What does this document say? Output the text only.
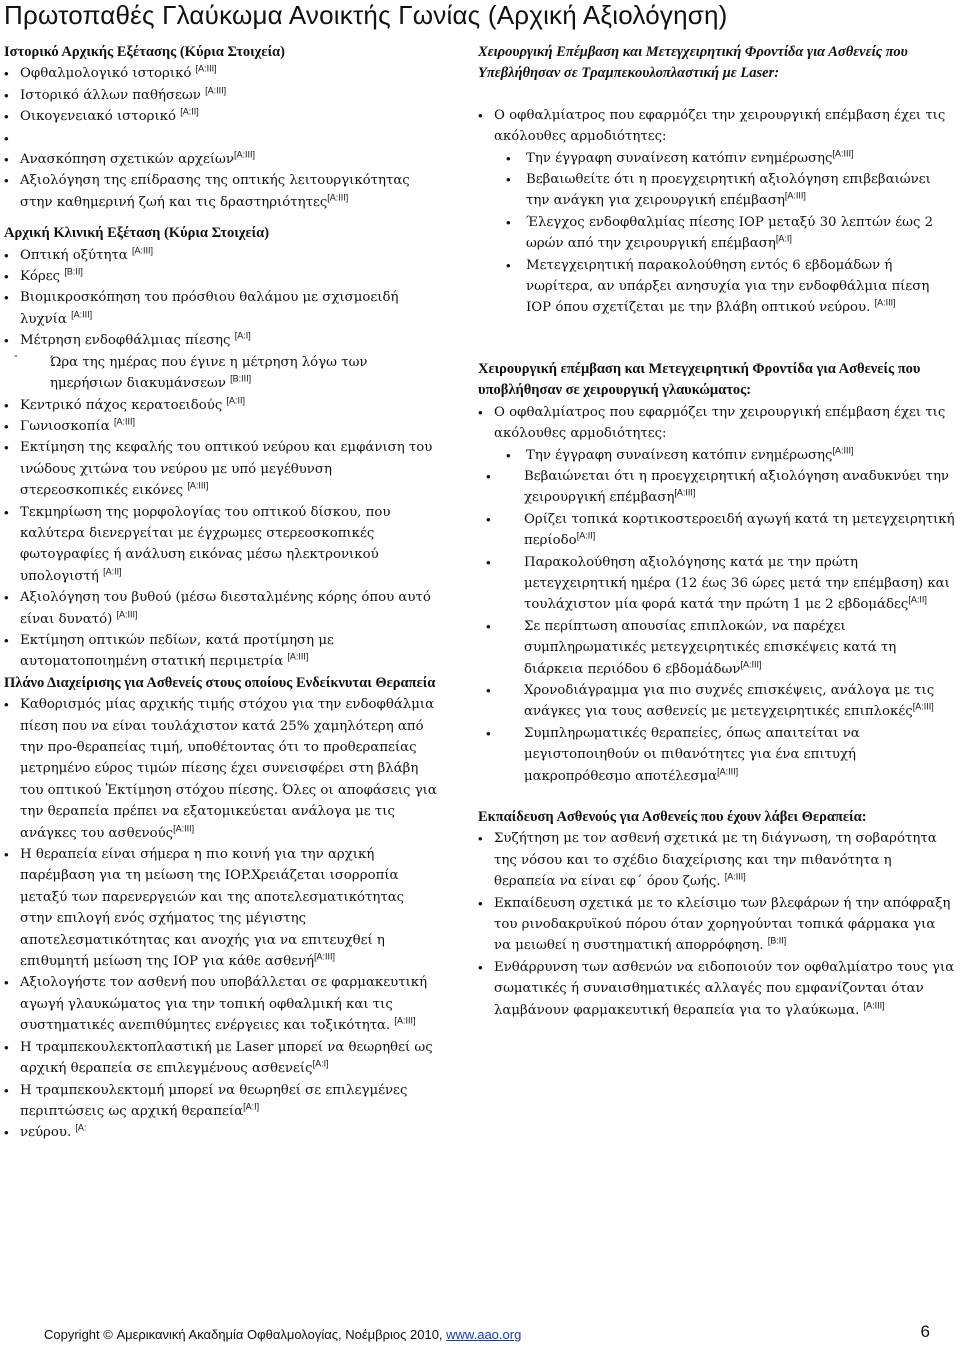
Πρωτοπαθές Γλαύκωμα Ανοικτής Γωνίας (Αρχική Αξιολόγηση)

Ιστορικό Αρχικής Εξέτασης (Κύρια Στοιχεία)

• Οφθαλμολογικό ιστορικό [A:III]
• Ιστορικό άλλων παθήσεων [A:III]
• Οικογενειακό ιστορικό [A:II]
•
• Ανασκόπηση σχετικών αρχείων[A:III]
• Αξιολόγηση της επίδρασης της οπτικής λειτουργικότητας στην καθημερινή ζωή και τις δραστηριότητες[A:III]

Αρχική Κλινική Εξέταση (Κύρια Στοιχεία)

• Οπτική οξύτητα [A:III]
• Κόρες [B:II]
• Βιομικροσκόπηση του πρόσθιου θαλάμου με σχισμοειδή λυχνία [A:III]
• Μέτρηση ενδοφθάλμιας πίεσης [A:I]
- Ώρα της ημέρας που έγινε η μέτρηση λόγω των ημερήσιων διακυμάνσεων [B:III]
• Κεντρικό πάχος κερατοειδούς [A:II]
• Γωνιοσκοπία [A:III]
• Εκτίμηση της κεφαλής του οπτικού νεύρου και εμφάνιση του ινώδους χιτώνα του νεύρου με υπό μεγέθυνση στερεοσκοπικές εικόνες [A:III]
• Τεκμηρίωση της μορφολογίας του οπτικού δίσκου, που καλύτερα διενεργείται με έγχρωμες στερεοσκοπικές φωτογραφίες ή ανάλυση εικόνας μέσω ηλεκτρονικού υπολογιστή [A:II]
• Αξιολόγηση του βυθού (μέσω διεσταλμένης κόρης όπου αυτό είναι δυνατό) [A:III]
• Εκτίμηση οπτικών πεδίων, κατά προτίμηση με αυτοματοποιημένη στατική περιμετρία [A:III]

Πλάνο Διαχείρισης για Ασθενείς στους οποίους Ενδείκνυται Θεραπεία

• Καθορισμός μίας αρχικής τιμής στόχου για την ενδοφθάλμια πίεση που να είναι τουλάχιστον κατά 25% χαμηλότερη από την προ-θεραπείας τιμή, υποθέτοντας ότι το προθεραπείας μετρημένο εύρος τιμών πίεσης έχει συνεισφέρει στη βλάβη του οπτικού Ἐκτίμηση στόχου πίεσης. Όλες οι αποφάσεις για την θεραπεία πρέπει να εξατομικεύεται ανάλογα με τις ανάγκες του ασθενούς[A:III]
• Η θεραπεία είναι σήμερα η πιο κοινή για την αρχική παρέμβαση για τη μείωση της IOP.Χρειάζεται ισορροπία μεταξύ των παρενεργειών και της αποτελεσματικότητας στην επιλογή ενός σχήματος της μέγιστης αποτελεσματικότητας και ανοχής για να επιτευχθεί η επιθυμητή μείωση της IOP για κάθε ασθενή[A:III]
• Αξιολογήστε τον ασθενή που υποβάλλεται σε φαρμακευτική αγωγή γλαυκώματος για την τοπική οφθαλμική και τις συστηματικές ανεπιθύμητες ενέργειες και τοξικότητα. [A:III]
• Η τραμπεκουλεκτοπλαστική με Laser μπορεί να θεωρηθεί ως αρχική θεραπεία σε επιλεγμένους ασθενείς[A:I]
• Η τραμπεκουλεκτομή μπορεί να θεωρηθεί σε επιλεγμένες περιπτώσεις ως αρχική θεραπεία[A:I]
• νεύρου. $^{[A:}$

Χειρουργική Επέμβαση και Μετεγχειρητική Φροντίδα για Ασθενείς που Υπεβλήθησαν σε Τραμπεκουλοπλαστική με Laser:

• Ο οφθαλμίατρος που εφαρμόζει την χειρουργική επέμβαση έχει τις ακόλουθες αρμοδιότητες:
• Την έγγραφη συναίνεση κατόπιν ενημέρωσης[A:III]
• Βεβαιωθείτε ότι η προεγχειρητική αξιολόγηση επιβεβαιώνει την ανάγκη για χειρουργική επέμβαση[A:III]
• Έλεγχος ενδοφθαλμίας πίεσης IOP μεταξύ 30 λεπτών έως 2 ωρών από την χειρουργική επέμβαση[A:I]
• Μετεγχειρητική παρακολούθηση εντός 6 εβδομάδων ή νωρίτερα, αν υπάρξει ανησυχία για την ενδοφθάλμια πίεση IOP όπου σχετίζεται με την βλάβη οπτικού νεύρου. [A:III]

Χειρουργική επέμβαση και Μετεγχειρητική Φροντίδα για Ασθενείς που υποβλήθησαν σε χειρουργική γλαυκώματος:

• Ο οφθαλμίατρος που εφαρμόζει την χειρουργική επέμβαση έχει τις ακόλουθες αρμοδιότητες:
• Την έγγραφη συναίνεση κατόπιν ενημέρωσης[A:III]
• Βεβαιώνεται ότι η προεγχειρητική αξιολόγηση αναδυκνύει την χειρουργική επέμβαση[A:III]
• Ορίζει τοπικά κορτικοστεροειδή αγωγή κατά τη μετεγχειρητική περίοδο[A:II]
• Παρακολούθηση αξιολόγησης κατά με την πρώτη μετεγχειρητική ημέρα (12 έως 36 ώρες μετά την επέμβαση) και τουλάχιστον μία φορά κατά την πρώτη 1 με 2 εβδομάδες[A:II]
• Σε περίπτωση απουσίας επιπλοκών, να παρέχει συμπληρωματικές μετεγχειρητικές επισκέψεις κατά τη διάρκεια περιόδου 6 εβδομάδων[A:III]
• Χρονοδιάγραμμα για πιο συχνές επισκέψεις, ανάλογα με τις ανάγκες για τους ασθενείς με μετεγχειρητικές επιπλοκές[A:III]
• Συμπληρωματικές θεραπείες, όπως απαιτείται να μεγιστοποιηθούν οι πιθανότητες για ένα επιτυχή μακροπρόθεσμο αποτέλεσμα[A:III]

Εκπαίδευση Ασθενούς για Ασθενείς που έχουν λάβει Θεραπεία:

• Συζήτηση με τον ασθενή σχετικά με τη διάγνωση, τη σοβαρότητα της νόσου και το σχέδιο διαχείρισης και την πιθανότητα η θεραπεία να είναι εφ΄ όρου ζωής. [A:III]
• Εκπαίδευση σχετικά με το κλείσιμο των βλεφάρων ή την απόφραξη του ρινοδακρυϊκού πόρου όταν χορηγούνται τοπικά φάρμακα για να μειωθεί η συστηματική απορρόφηση. [B:II]
• Ενθάρρυνση των ασθενών να ειδοποιούν τον οφθαλμίατρο τους για σωματικές ή συναισθηματικές αλλαγές που εμφανίζονται όταν λαμβάνουν φαρμακευτική θεραπεία για το γλαύκωμα. [A:III]
Copyright © Αμερικανική Ακαδημία Οφθαλμολογίας, Νοέμβριος 2010, www.aao.org	6
